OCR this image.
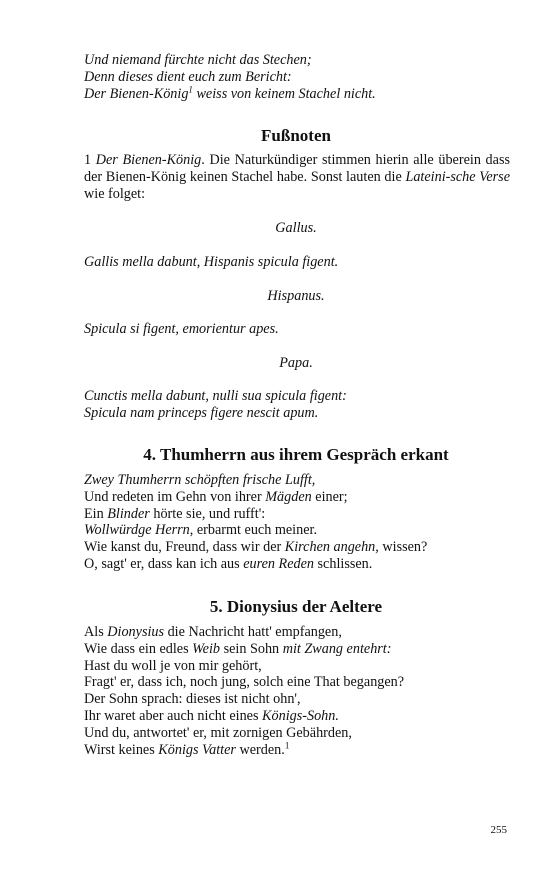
Und niemand fürchte nicht das Stechen;
Denn dieses dient euch zum Bericht:
Der Bienen-König$^1$ weiss von keinem Stachel nicht.
Fußnoten
1 Der Bienen-König. Die Naturkündiger stimmen hierin alle überein dass der Bienen-König keinen Stachel habe. Sonst lauten die Lateini-sche Verse wie folget:
Gallus.
Gallis mella dabunt, Hispanis spicula figent.
Hispanus.
Spicula si figent, emorientur apes.
Papa.
Cunctis mella dabunt, nulli sua spicula figent:
Spicula nam princeps figere nescit apum.
4. Thumherrn aus ihrem Gespräch erkant
Zwey Thumherrn schöpften frische Lufft,
Und redeten im Gehn von ihrer Mägden einer;
Ein Blinder hörte sie, und rufft':
Wollwürdge Herrn, erbarmt euch meiner.
Wie kanst du, Freund, dass wir der Kirchen angehn, wissen?
O, sagt' er, dass kan ich aus euren Reden schlissen.
5. Dionysius der Aeltere
Als Dionysius die Nachricht hatt' empfangen,
Wie dass ein edles Weib sein Sohn mit Zwang entehrt:
Hast du woll je von mir gehört,
Fragt' er, dass ich, noch jung, solch eine That begangen?
Der Sohn sprach: dieses ist nicht ohn',
Ihr waret aber auch nicht eines Königs-Sohn.
Und du, antwortet' er, mit zornigen Gebährden,
Wirst keines Königs Vatter werden.$^1$
255
